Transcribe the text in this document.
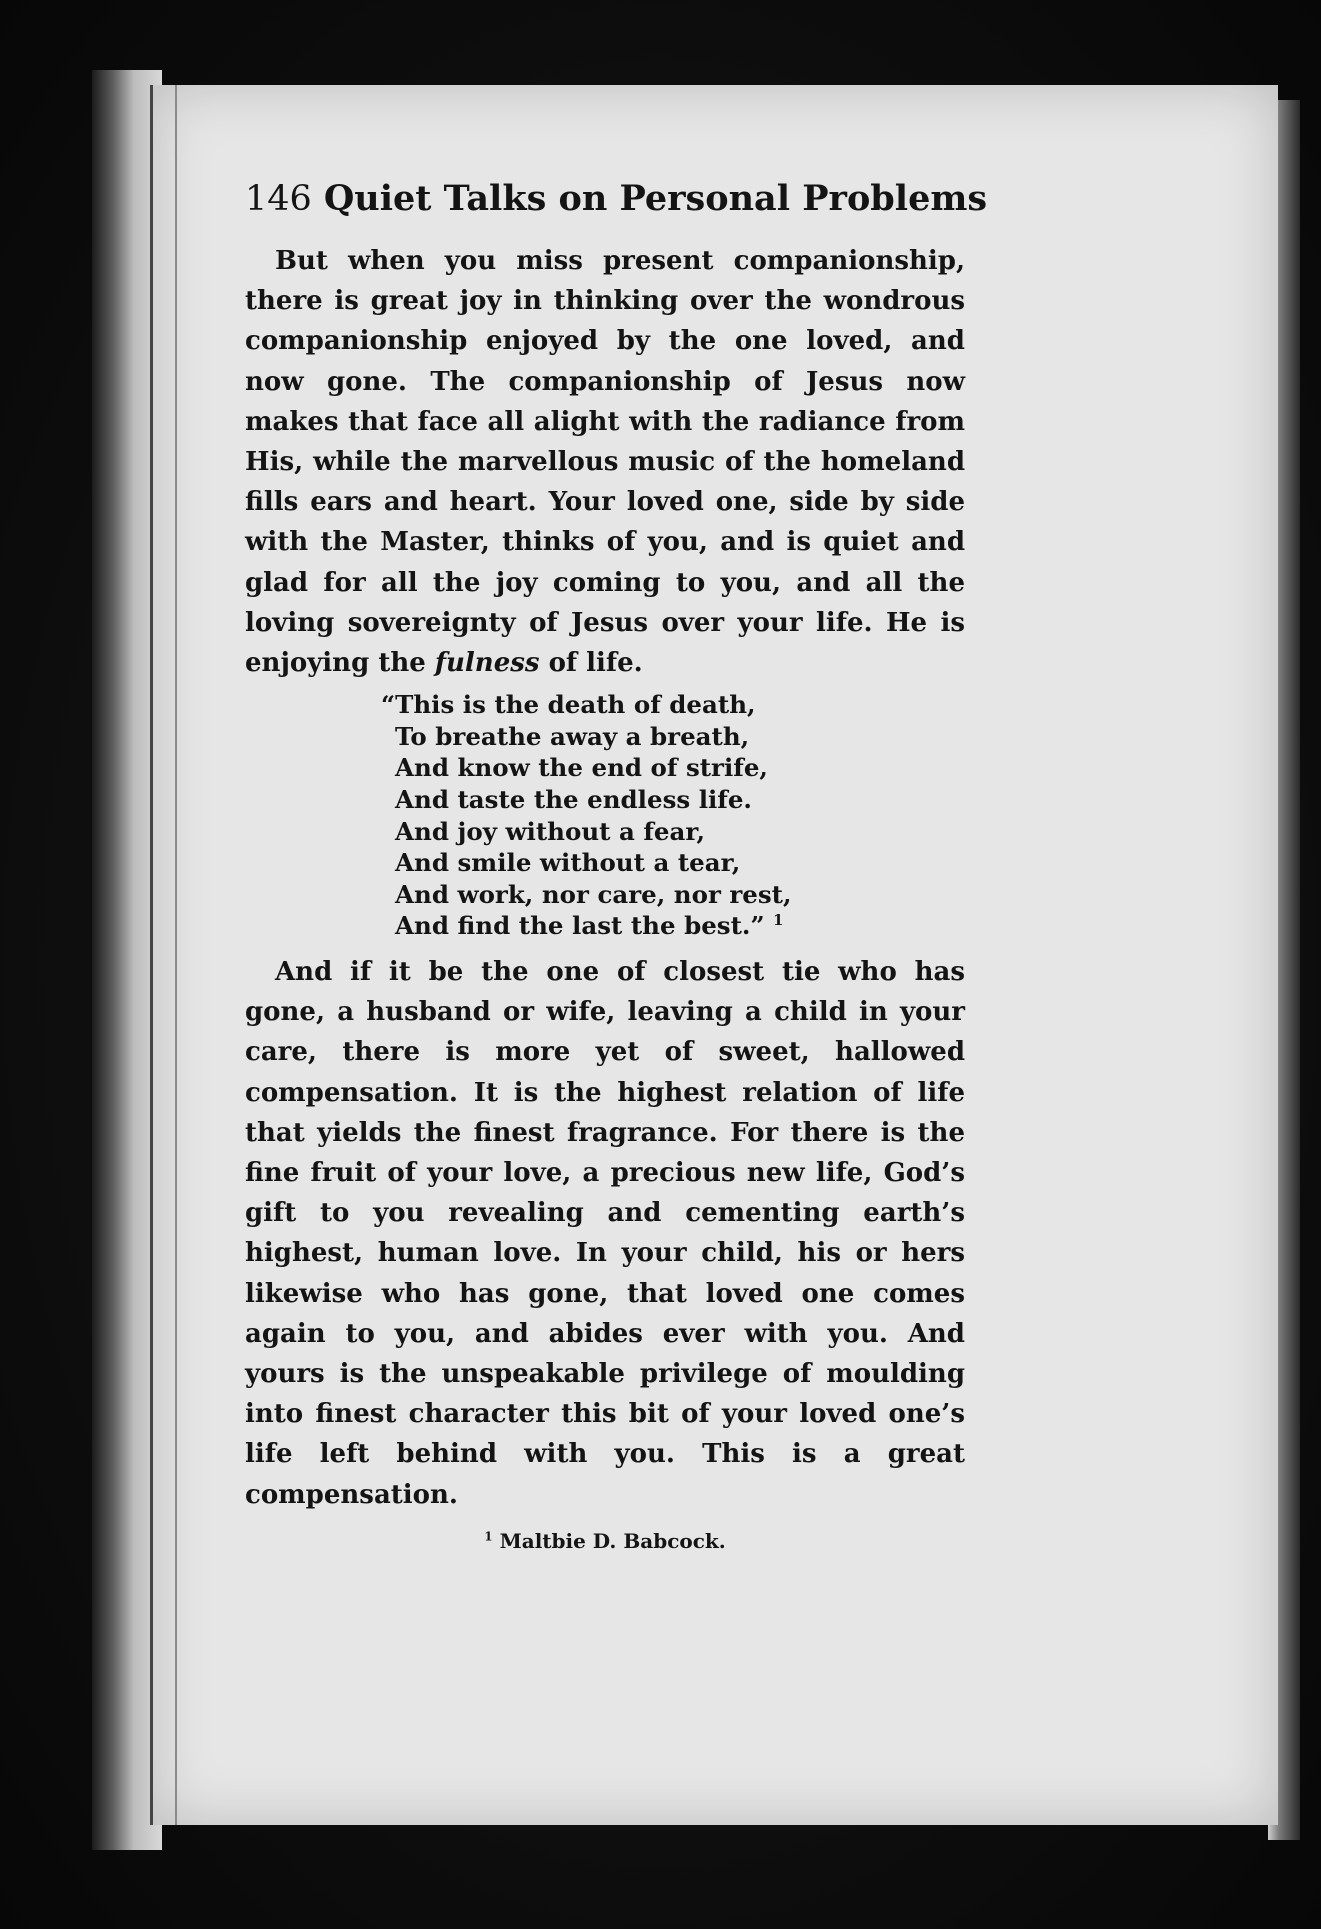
146 Quiet Talks on Personal Problems

But when you miss present companionship, there is great joy in thinking over the wondrous companionship enjoyed by the one loved, and now gone. The companionship of Jesus now makes that face all alight with the radiance from His, while the marvellous music of the homeland fills ears and heart. Your loved one, side by side with the Master, thinks of you, and is quiet and glad for all the joy coming to you, and all the loving sovereignty of Jesus over your life. He is enjoying the fulness of life.

“This is the death of death,
To breathe away a breath,
And know the end of strife,
And taste the endless life.
And joy without a fear,
And smile without a tear,
And work, nor care, nor rest,
And find the last the best.” $^1$

And if it be the one of closest tie who has gone, a husband or wife, leaving a child in your care, there is more yet of sweet, hallowed compensation. It is the highest relation of life that yields the finest fragrance. For there is the fine fruit of your love, a precious new life, God’s gift to you revealing and cementing earth’s highest, human love. In your child, his or hers likewise who has gone, that loved one comes again to you, and abides ever with you. And yours is the unspeakable privilege of moulding into finest character this bit of your loved one’s life left behind with you. This is a great compensation.

$^1$ Maltbie D. Babcock.
